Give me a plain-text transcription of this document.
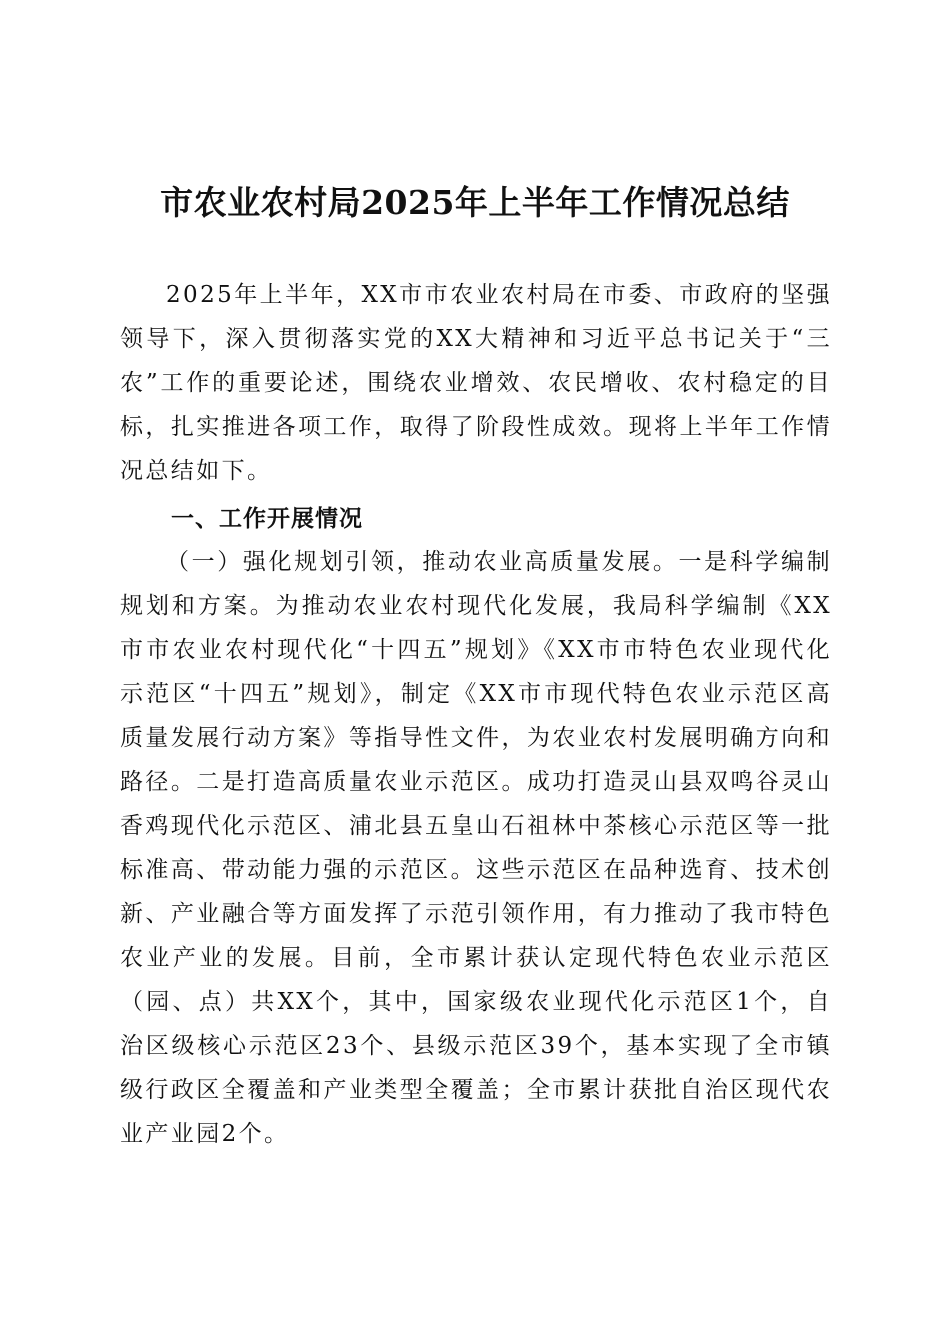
市农业农村局2025年上半年工作情况总结

2025年上半年，XX市市农业农村局在市委、市政府的坚强领导下，深入贯彻落实党的XX大精神和习近平总书记关于“三农”工作的重要论述，围绕农业增效、农民增收、农村稳定的目标，扎实推进各项工作，取得了阶段性成效。现将上半年工作情况总结如下。

一、工作开展情况

（一）强化规划引领，推动农业高质量发展。一是科学编制规划和方案。为推动农业农村现代化发展，我局科学编制《XX市市农业农村现代化“十四五”规划》《XX市市特色农业现代化示范区“十四五”规划》，制定《XX市市现代特色农业示范区高质量发展行动方案》等指导性文件，为农业农村发展明确方向和路径。二是打造高质量农业示范区。成功打造灵山县双鸣谷灵山香鸡现代化示范区、浦北县五皇山石祖林中茶核心示范区等一批标准高、带动能力强的示范区。这些示范区在品种选育、技术创新、产业融合等方面发挥了示范引领作用，有力推动了我市特色农业产业的发展。目前，全市累计获认定现代特色农业示范区（园、点）共XX个，其中，国家级农业现代化示范区1个，自治区级核心示范区23个、县级示范区39个，基本实现了全市镇级行政区全覆盖和产业类型全覆盖；全市累计获批自治区现代农业产业园2个。
